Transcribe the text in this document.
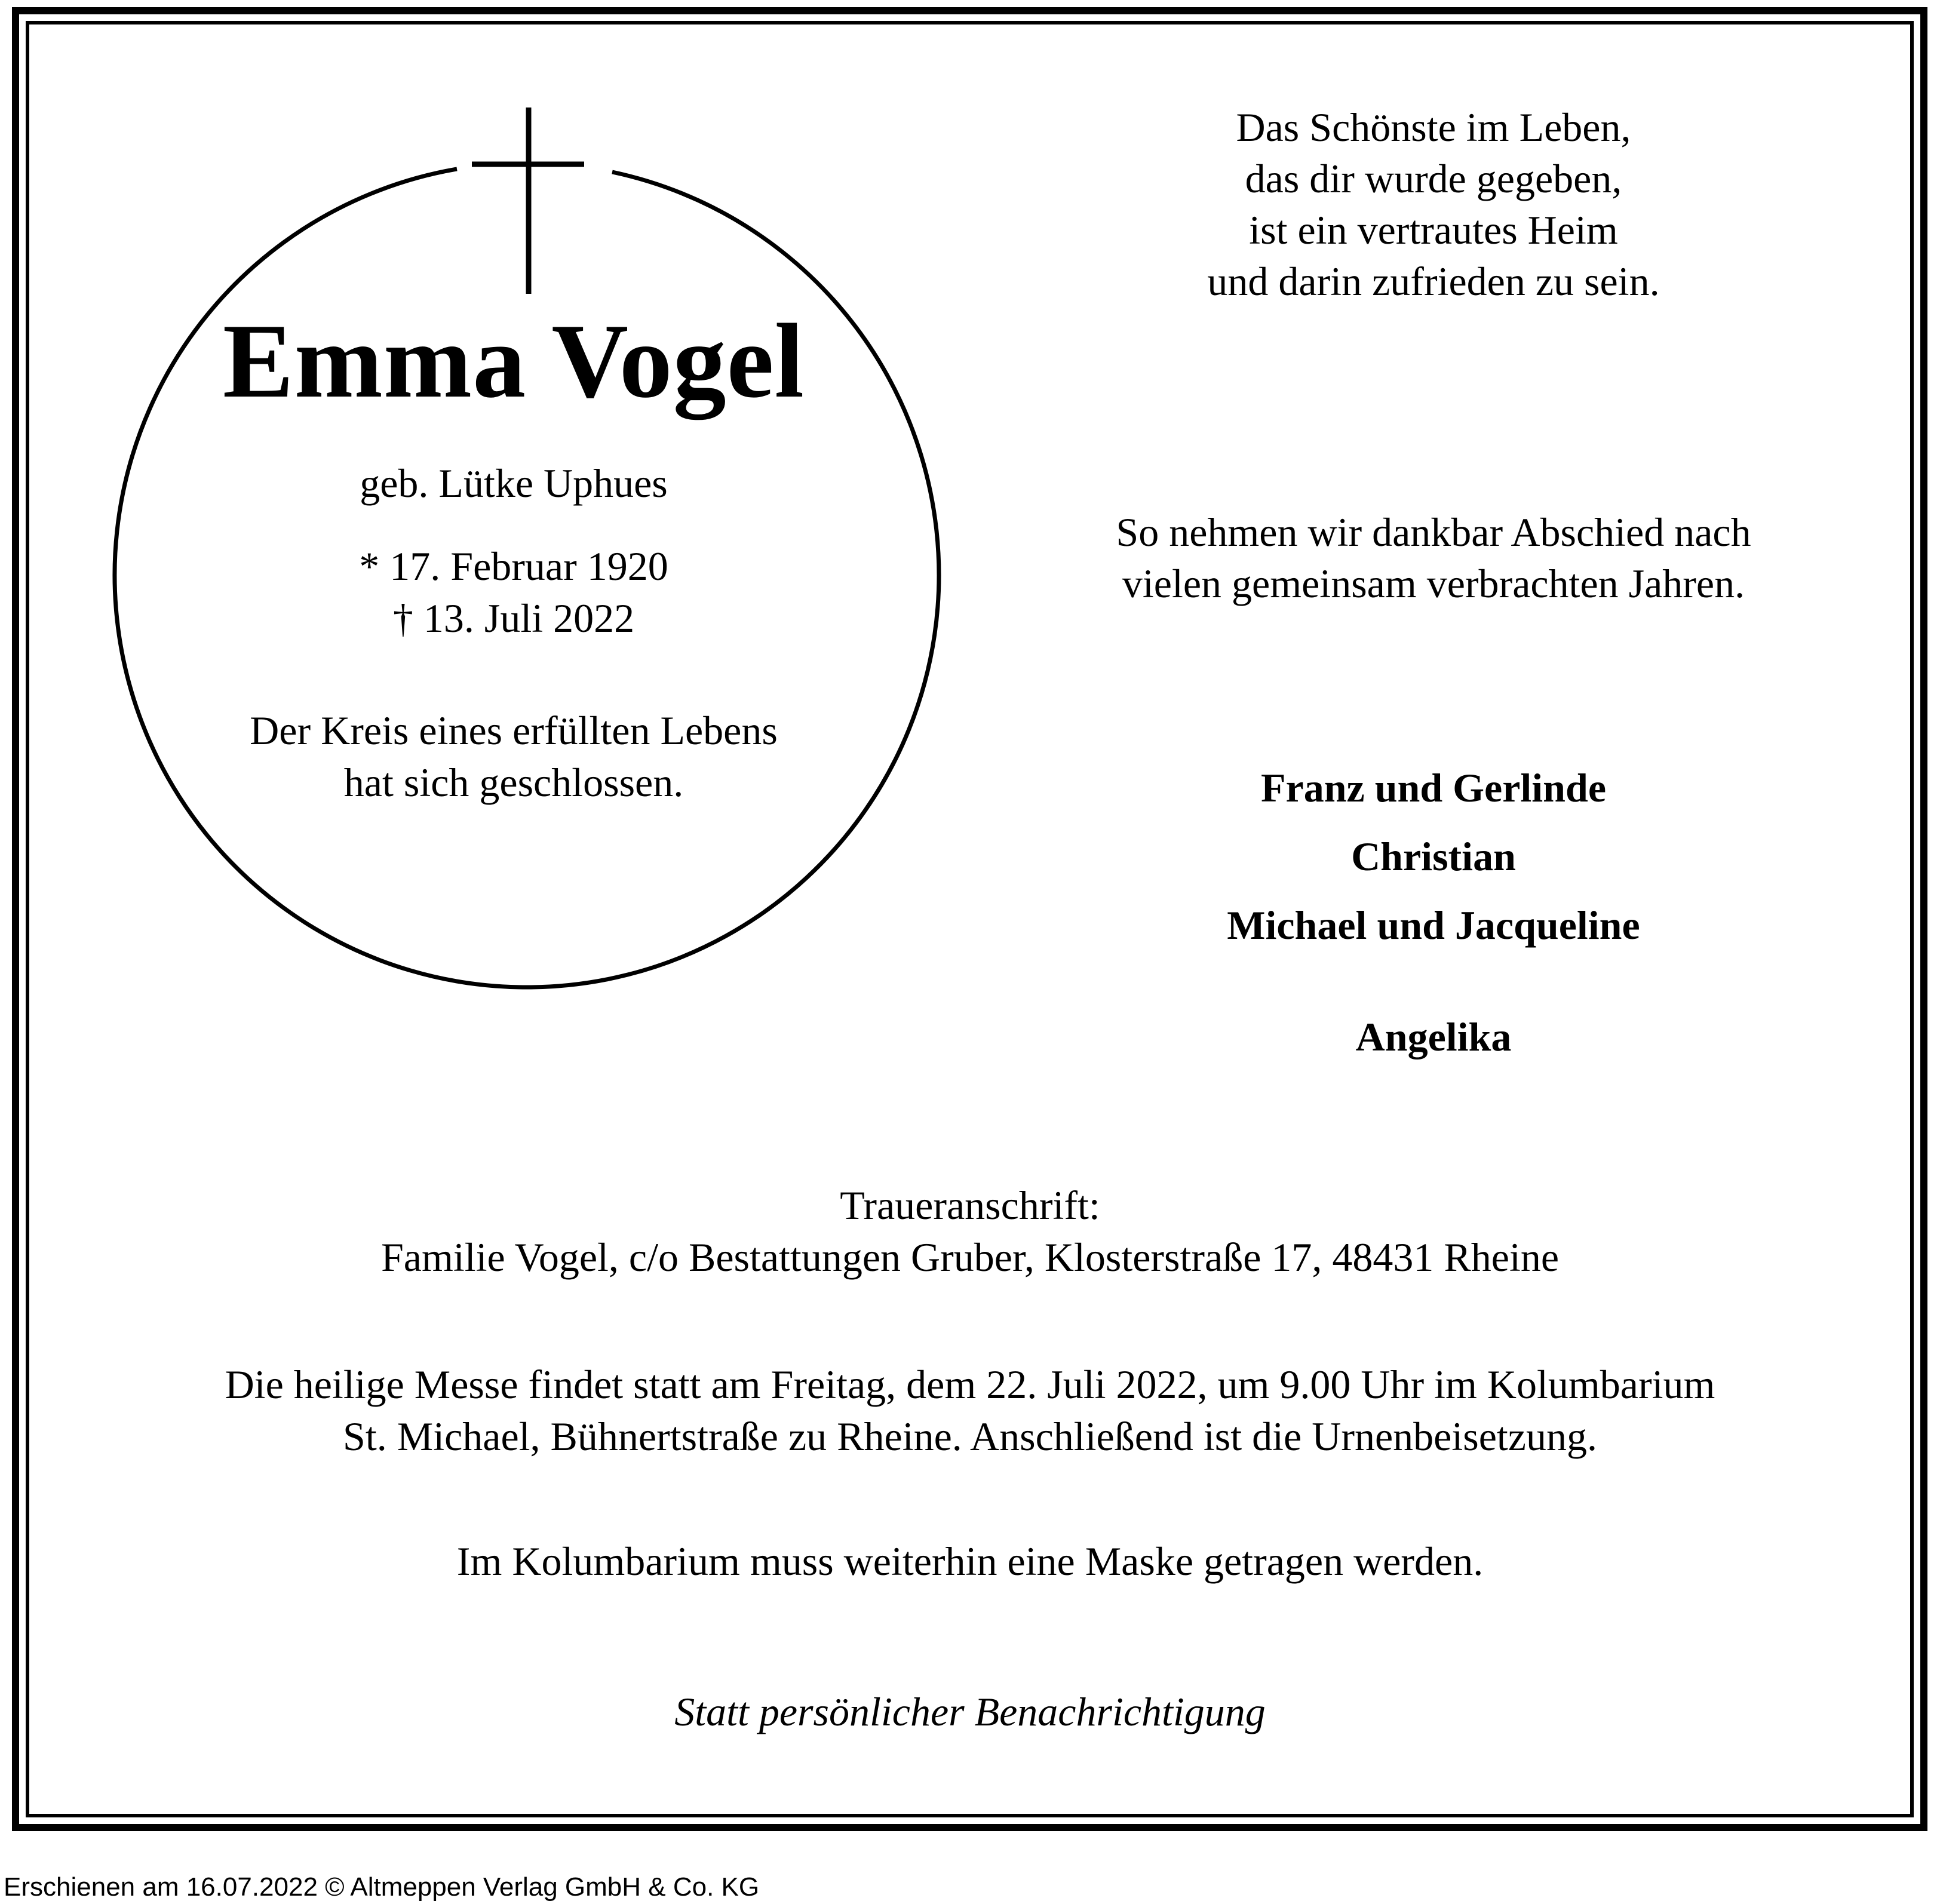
Emma Vogel
geb. Lütke Uphues
* 17. Februar 1920
† 13. Juli 2022
Der Kreis eines erfüllten Lebens
hat sich geschlossen.
Das Schönste im Leben,
das dir wurde gegeben,
ist ein vertrautes Heim
und darin zufrieden zu sein.
So nehmen wir dankbar Abschied nach
vielen gemeinsam verbrachten Jahren.
Franz und Gerlinde
Christian
Michael und Jacqueline
Angelika
Traueranschrift:
Familie Vogel, c/o Bestattungen Gruber, Klosterstraße 17, 48431 Rheine
Die heilige Messe findet statt am Freitag, dem 22. Juli 2022, um 9.00 Uhr im Kolumbarium
St. Michael, Bühnertstraße zu Rheine. Anschließend ist die Urnenbeisetzung.
Im Kolumbarium muss weiterhin eine Maske getragen werden.
Statt persönlicher Benachrichtigung
Erschienen am 16.07.2022 © Altmeppen Verlag GmbH & Co. KG
